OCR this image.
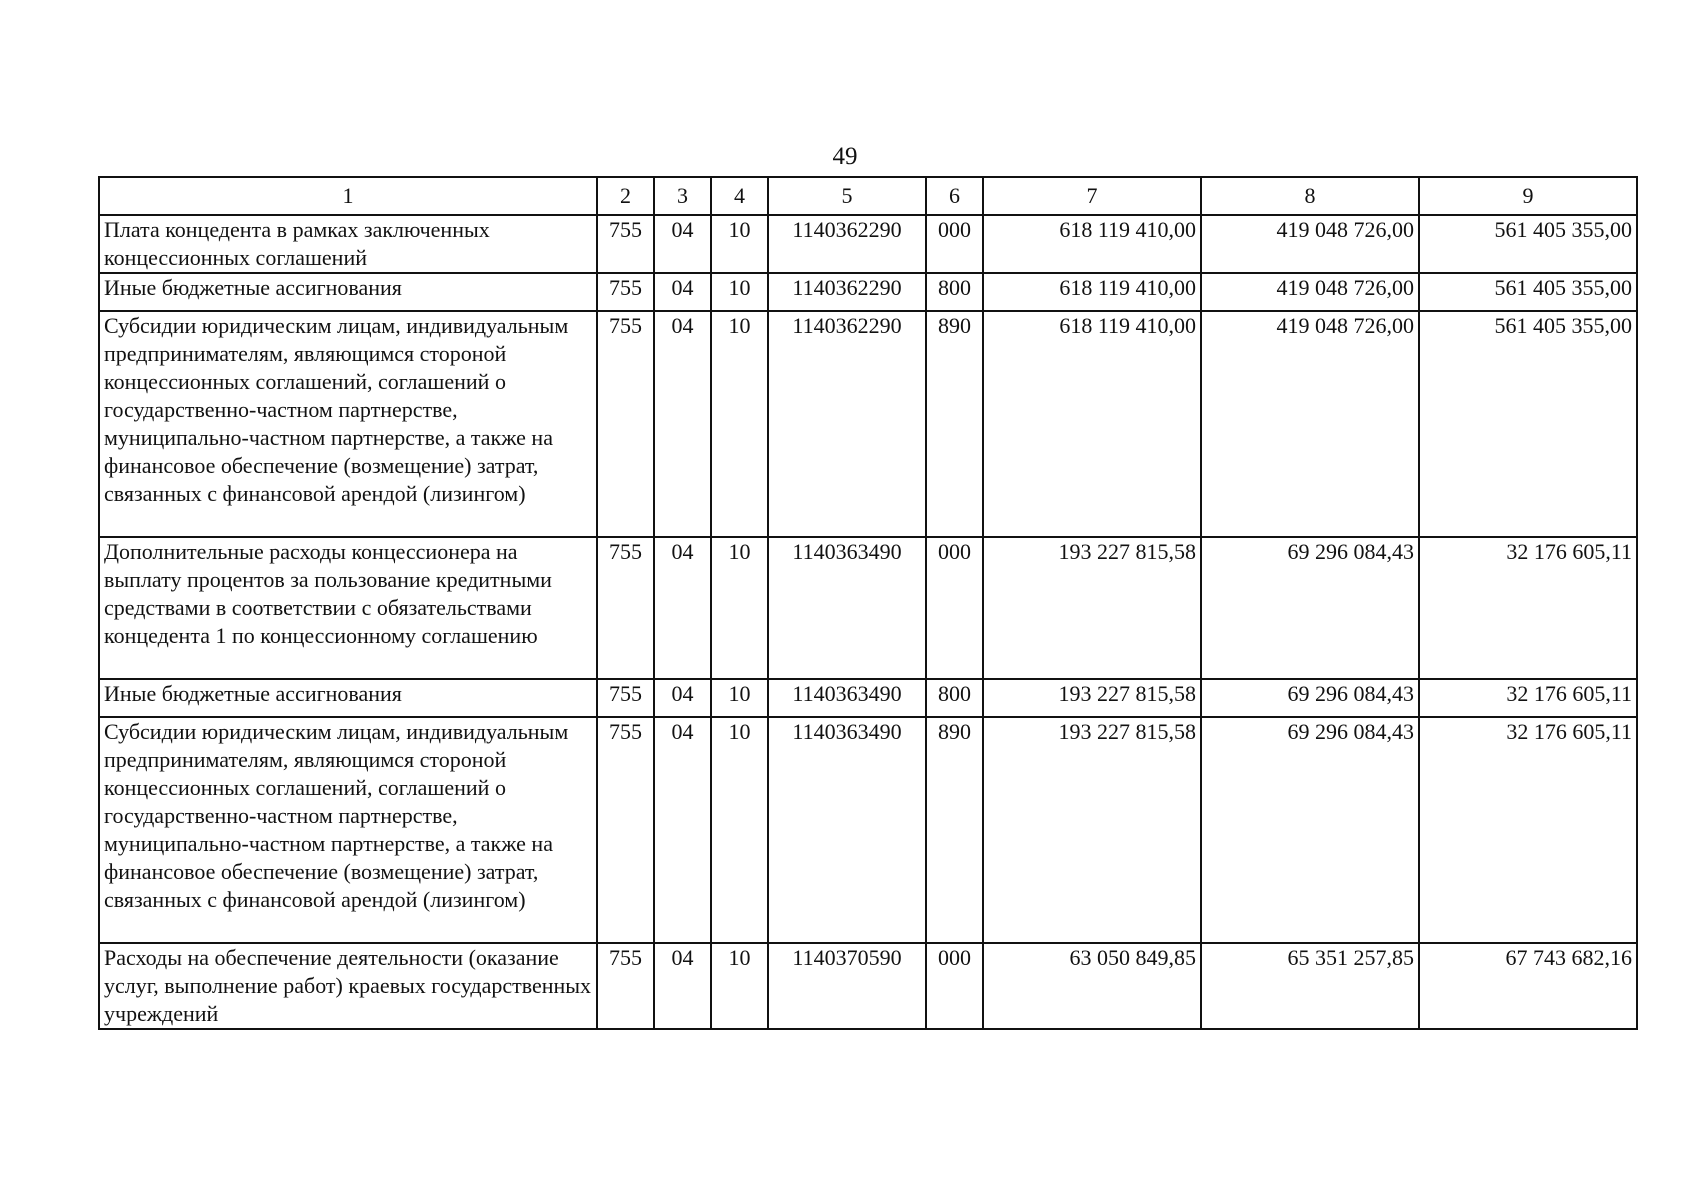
49
1	2	3	4	5	6	7	8	9
Плата концедента в рамках заключенных концессионных соглашений	755	04	10	1140362290	000	618 119 410,00	419 048 726,00	561 405 355,00
Иные бюджетные ассигнования	755	04	10	1140362290	800	618 119 410,00	419 048 726,00	561 405 355,00
Субсидии юридическим лицам, индивидуальным предпринимателям, являющимся стороной концессионных соглашений, соглашений о государственно-частном партнерстве, муниципально-частном партнерстве, а также на финансовое обеспечение (возмещение) затрат, связанных с финансовой арендой (лизингом)	755	04	10	1140362290	890	618 119 410,00	419 048 726,00	561 405 355,00
Дополнительные расходы концессионера на выплату процентов за пользование кредитными средствами в соответствии с обязательствами концедента 1 по концессионному соглашению	755	04	10	1140363490	000	193 227 815,58	69 296 084,43	32 176 605,11
Иные бюджетные ассигнования	755	04	10	1140363490	800	193 227 815,58	69 296 084,43	32 176 605,11
Субсидии юридическим лицам, индивидуальным предпринимателям, являющимся стороной концессионных соглашений, соглашений о государственно-частном партнерстве, муниципально-частном партнерстве, а также на финансовое обеспечение (возмещение) затрат, связанных с финансовой арендой (лизингом)	755	04	10	1140363490	890	193 227 815,58	69 296 084,43	32 176 605,11
Расходы на обеспечение деятельности (оказание услуг, выполнение работ) краевых государственных учреждений	755	04	10	1140370590	000	63 050 849,85	65 351 257,85	67 743 682,16
